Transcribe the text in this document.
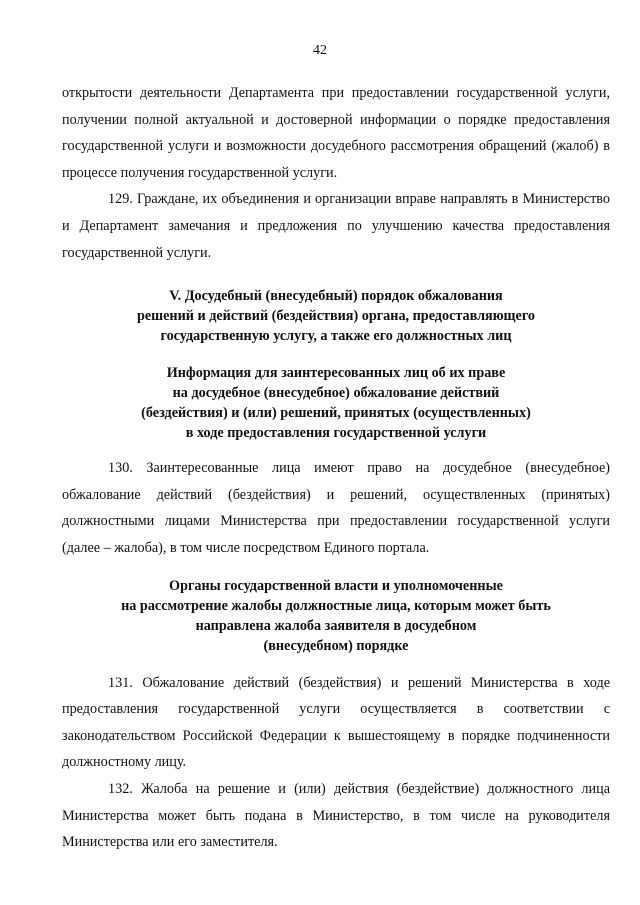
42

открытости деятельности Департамента при предоставлении государственной услуги, получении полной актуальной и достоверной информации о порядке предоставления государственной услуги и возможности досудебного рассмотрения обращений (жалоб) в процессе получения государственной услуги.

129. Граждане, их объединения и организации вправе направлять в Министерство и Департамент замечания и предложения по улучшению качества предоставления государственной услуги.

V. Досудебный (внесудебный) порядок обжалования
решений и действий (бездействия) органа, предоставляющего
государственную услугу, а также его должностных лиц
Информация для заинтересованных лиц об их праве
на досудебное (внесудебное) обжалование действий
(бездействия) и (или) решений, принятых (осуществленных)
в ходе предоставления государственной услуги

130. Заинтересованные лица имеют право на досудебное (внесудебное) обжалование действий (бездействия) и решений, осуществленных (принятых) должностными лицами Министерства при предоставлении государственной услуги (далее – жалоба), в том числе посредством Единого портала.

Органы государственной власти и уполномоченные
на рассмотрение жалобы должностные лица, которым может быть
направлена жалоба заявителя в досудебном
(внесудебном) порядке

131. Обжалование действий (бездействия) и решений Министерства в ходе предоставления государственной услуги осуществляется в соответствии с законодательством Российской Федерации к вышестоящему в порядке подчиненности должностному лицу.

132. Жалоба на решение и (или) действия (бездействие) должностного лица Министерства может быть подана в Министерство, в том числе на руководителя Министерства или его заместителя.
